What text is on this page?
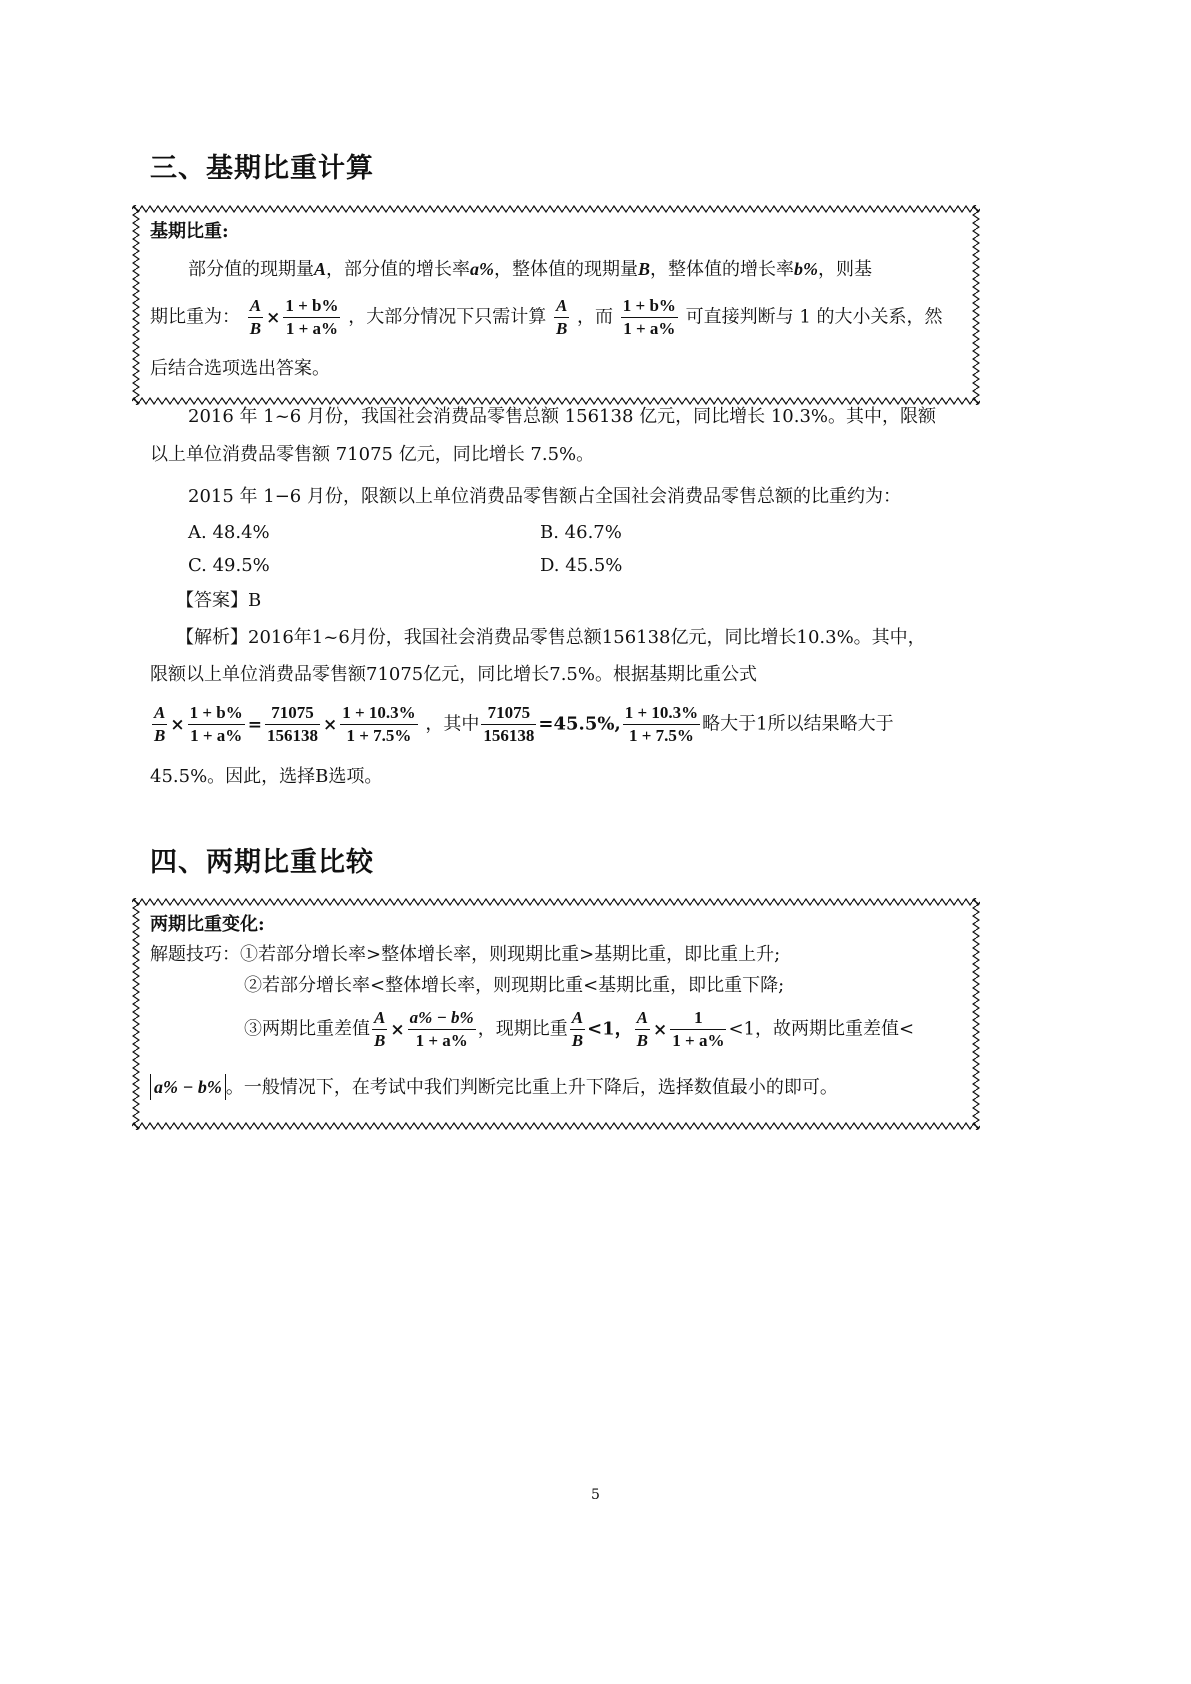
三、基期比重计算
基期比重:
部分值的现期量A，部分值的增长率a%，整体值的现期量B，整体值的增长率b%，则基
期比重为： $\frac{A}{B} \times \frac{1 + b\%}{1 + a\%}$ ，大部分情况下只需计算 $\frac{A}{B}$ ，而 $\frac{1 + b\%}{1 + a\%}$ 可直接判断与 1 的大小关系，然
后结合选项选出答案。
2016 年 1~6 月份，我国社会消费品零售总额 156138 亿元，同比增长 10.3%。其中，限额
以上单位消费品零售额 71075 亿元，同比增长 7.5%。
2015 年 1−6 月份，限额以上单位消费品零售额占全国社会消费品零售总额的比重约为：
A. 48.4%	B. 46.7%
C. 49.5%	D. 45.5%
【答案】B
【解析】2016年1~6月份，我国社会消费品零售总额156138亿元，同比增长10.3%。其中，
限额以上单位消费品零售额71075亿元，同比增长7.5%。根据基期比重公式
$\frac{A}{B} \times \frac{1 + b\%}{1 + a\%} = \frac{71075}{156138} \times \frac{1 + 10.3\%}{1 + 7.5\%}$ ，其中 $\frac{71075}{156138} =45.5\%$, $\frac{1 + 10.3\%}{1 + 7.5\%}$ 略大于1所以结果略大于
45.5%。因此，选择B选项。
四、两期比重比较
两期比重变化:
解题技巧：①若部分增长率>整体增长率，则现期比重>基期比重，即比重上升;
②若部分增长率<整体增长率，则现期比重<基期比重，即比重下降;
③两期比重差值 $\frac{A}{B} \times \frac{a\% - b\%}{1 + a\%}$ ，现期比重 $\frac{A}{B} <1$， $\frac{A}{B} \times \frac{1}{1 + a\%} <1$，故两期比重差值<
a% − b% 。一般情况下，在考试中我们判断完比重上升下降后，选择数值最小的即可。
5
